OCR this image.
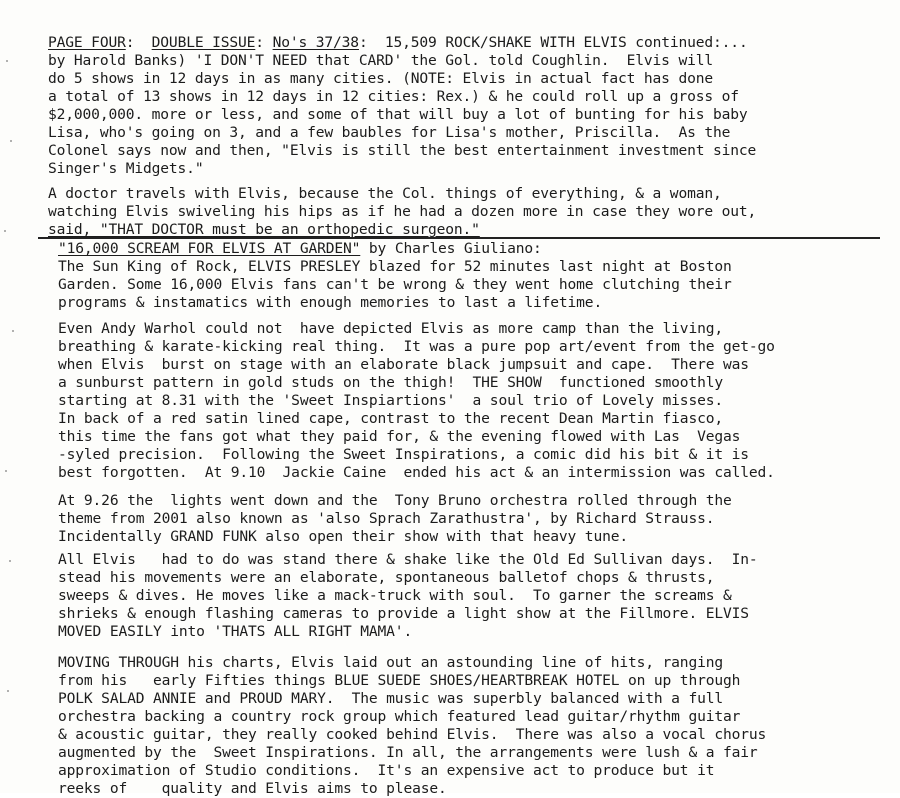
PAGE FOUR:  DOUBLE ISSUE: No's 37/38:  15,509 ROCK/SHAKE WITH ELVIS continued:...
by Harold Banks) 'I DON'T NEED that CARD' the Gol. told Coughlin.  Elvis will
do 5 shows in 12 days in as many cities. (NOTE: Elvis in actual fact has done
a total of 13 shows in 12 days in 12 cities: Rex.) & he could roll up a gross of
$2,000,000. more or less, and some of that will buy a lot of bunting for his baby
Lisa, who's going on 3, and a few baubles for Lisa's mother, Priscilla.  As the
Colonel says now and then, "Elvis is still the best entertainment investment since
Singer's Midgets."
A doctor travels with Elvis, because the Col. things of everything, & a woman,
watching Elvis swiveling his hips as if he had a dozen more in case they wore out,
said, "THAT DOCTOR must be an orthopedic surgeon."
"16,000 SCREAM FOR ELVIS AT GARDEN" by Charles Giuliano:
The Sun King of Rock, ELVIS PRESLEY blazed for 52 minutes last night at Boston
Garden. Some 16,000 Elvis fans can't be wrong & they went home clutching their
programs & instamatics with enough memories to last a lifetime.
Even Andy Warhol could not  have depicted Elvis as more camp than the living,
breathing & karate-kicking real thing.  It was a pure pop art/event from the get-go
when Elvis  burst on stage with an elaborate black jumpsuit and cape.  There was
a sunburst pattern in gold studs on the thigh!  THE SHOW  functioned smoothly
starting at 8.31 with the 'Sweet Inspiartions'  a soul trio of Lovely misses.
In back of a red satin lined cape, contrast to the recent Dean Martin fiasco,
this time the fans got what they paid for, & the evening flowed with Las  Vegas
-syled precision.  Following the Sweet Inspirations, a comic did his bit & it is
best forgotten.  At 9.10  Jackie Caine  ended his act & an intermission was called.
At 9.26 the  lights went down and the  Tony Bruno orchestra rolled through the
theme from 2001 also known as 'also Sprach Zarathustra', by Richard Strauss.
Incidentally GRAND FUNK also open their show with that heavy tune.
All Elvis   had to do was stand there & shake like the Old Ed Sullivan days.  In-
stead his movements were an elaborate, spontaneous balletof chops & thrusts,
sweeps & dives. He moves like a mack-truck with soul.  To garner the screams &
shrieks & enough flashing cameras to provide a light show at the Fillmore. ELVIS
MOVED EASILY into 'THATS ALL RIGHT MAMA'.
MOVING THROUGH his charts, Elvis laid out an astounding line of hits, ranging
from his   early Fifties things BLUE SUEDE SHOES/HEARTBREAK HOTEL on up through
POLK SALAD ANNIE and PROUD MARY.  The music was superbly balanced with a full
orchestra backing a country rock group which featured lead guitar/rhythm guitar
& acoustic guitar, they really cooked behind Elvis.  There was also a vocal chorus
augmented by the  Sweet Inspirations. In all, the arrangements were lush & a fair
approximation of Studio conditions.  It's an expensive act to produce but it
reeks of    quality and Elvis aims to please.
